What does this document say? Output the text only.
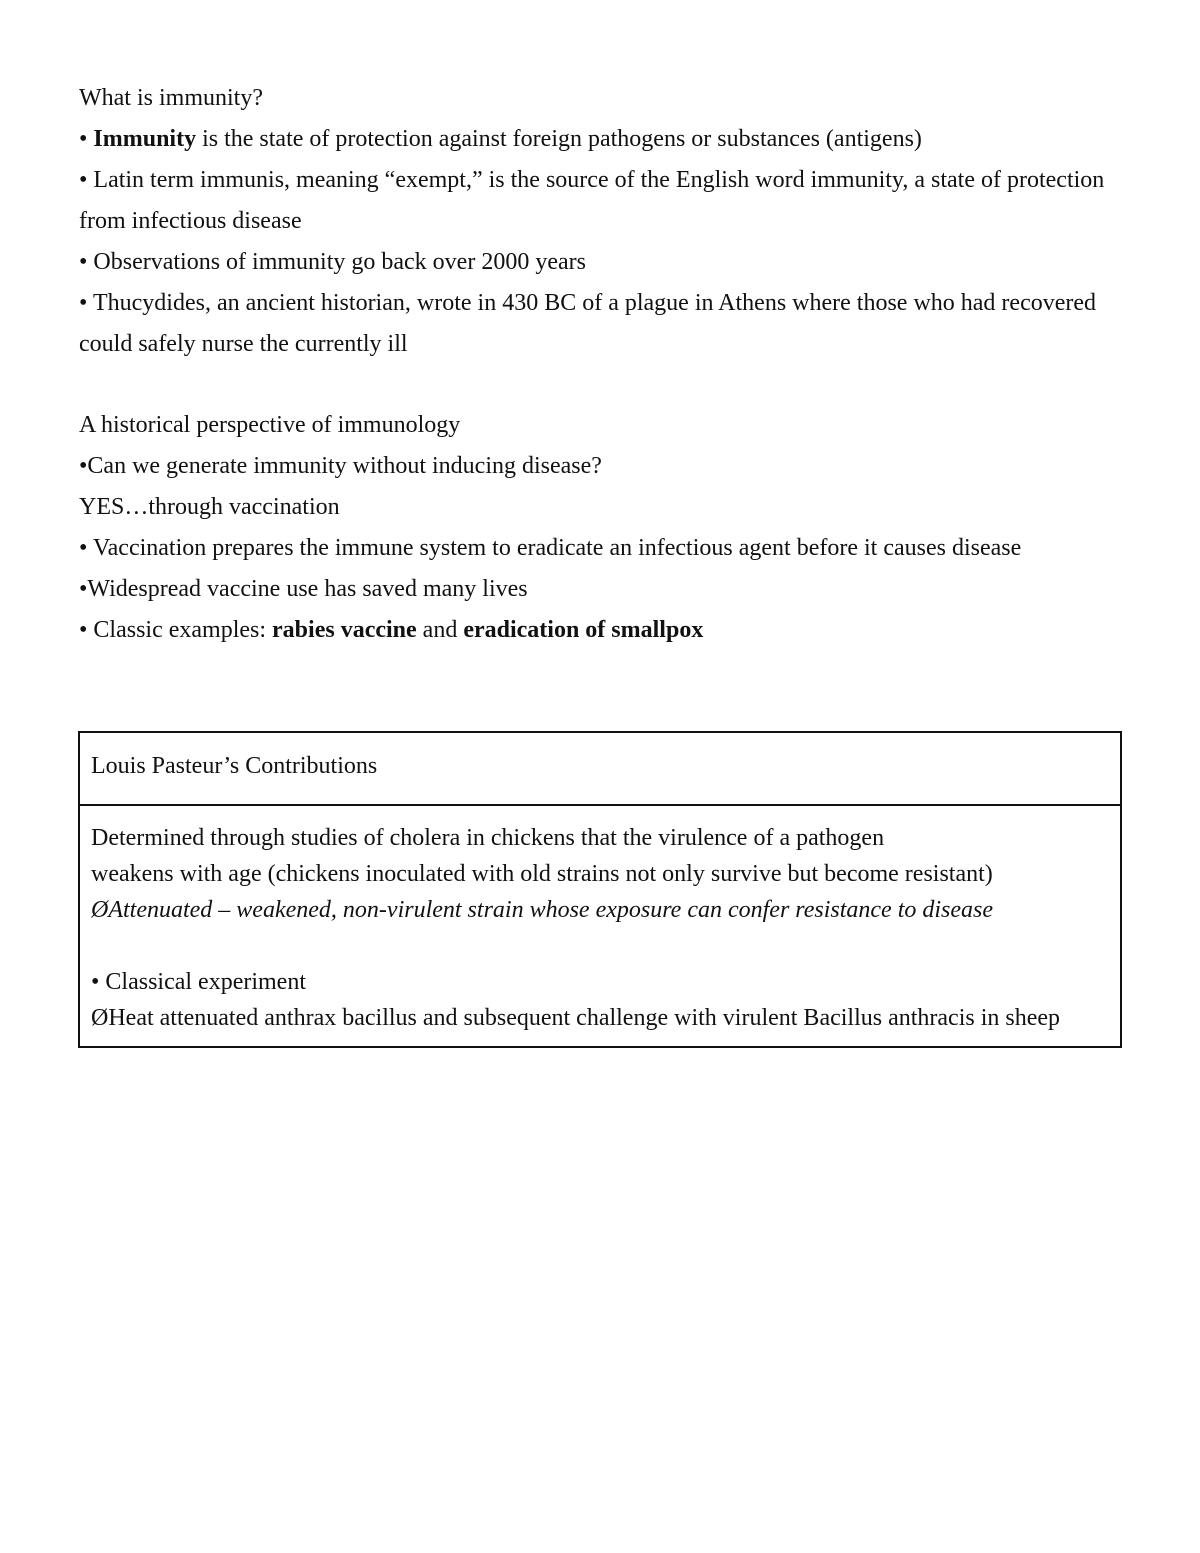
What is immunity?
• Immunity is the state of protection against foreign pathogens or substances (antigens)
• Latin term immunis, meaning “exempt,” is the source of the English word immunity, a state of protection from infectious disease
• Observations of immunity go back over 2000 years
• Thucydides, an ancient historian, wrote in 430 BC of a plague in Athens where those who had recovered could safely nurse the currently ill
A historical perspective of immunology
•Can we generate immunity without inducing disease?
YES…through vaccination
• Vaccination prepares the immune system to eradicate an infectious agent before it causes disease
•Widespread vaccine use has saved many lives
• Classic examples: rabies vaccine and eradication of smallpox
Louis Pasteur’s Contributions
Determined through studies of cholera in chickens that the virulence of a pathogen
weakens with age (chickens inoculated with old strains not only survive but become resistant)
ØAttenuated – weakened, non-virulent strain whose exposure can confer resistance to disease
• Classical experiment
ØHeat attenuated anthrax bacillus and subsequent challenge with virulent Bacillus anthracis in sheep
